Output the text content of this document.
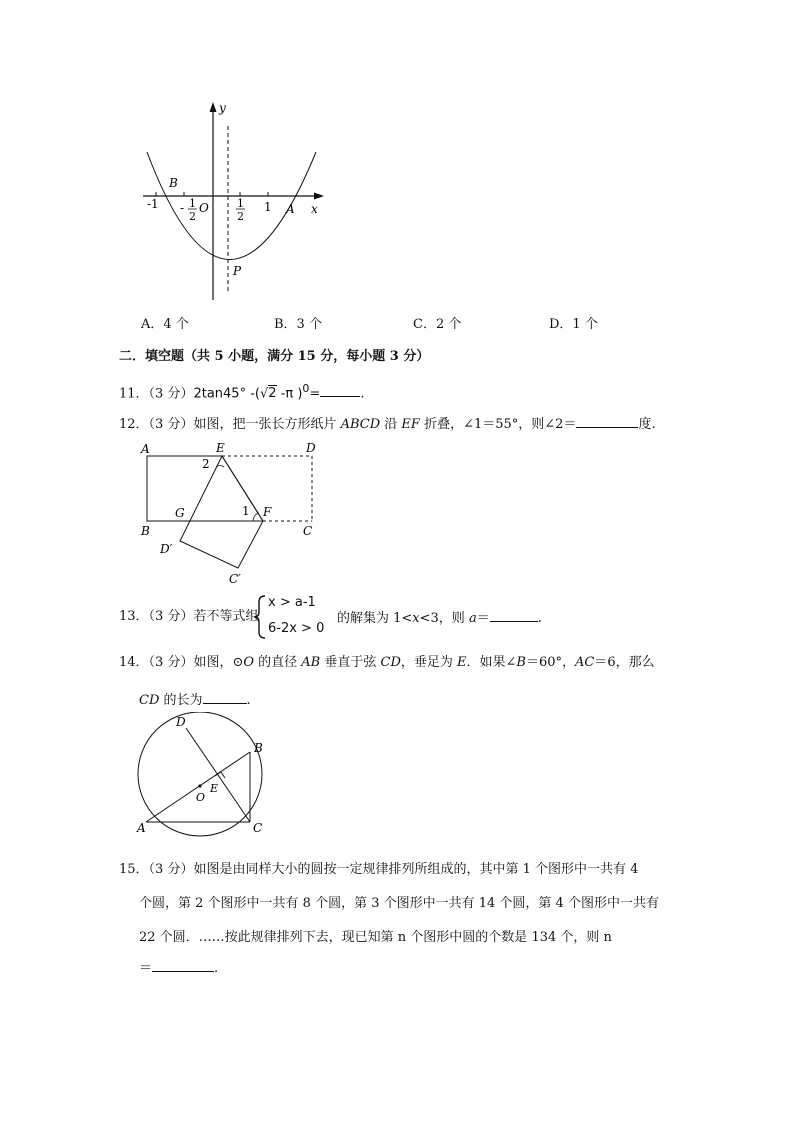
y
x
B
A
P
O
-1 - 1
2
1
2
1
A．4 个	B．3 个	C．2 个	D．1 个
二．填空题（共 5 小题，满分 15 分，每小题 3 分）
11．（3 分）2tan45° -(√2 -π )$^0$=	.
12．（3 分）如图，把一张长方形纸片 ABCD 沿 EF 折叠，∠1＝55°，则∠2＝	度.
A	E	D
2
G	1 F
B	C
D′
C′
13．（3 分）若不等式组
x > a-1
6-2x > 0
的解集为 1<x<3，则 a＝	.
14．（3 分）如图，⊙O 的直径 AB 垂直于弦 CD，垂足为 E．如果∠B＝60°，AC＝6，那么
CD 的长为	.
D
B
E
O
A	C
15．（3 分）如图是由同样大小的圆按一定规律排列所组成的，其中第 1 个图形中一共有 4
个圆，第 2 个图形中一共有 8 个圆，第 3 个图形中一共有 14 个圆，第 4 个图形中一共有
22 个圆．……按此规律排列下去，现已知第 n 个图形中圆的个数是 134 个，则 n
＝	.
